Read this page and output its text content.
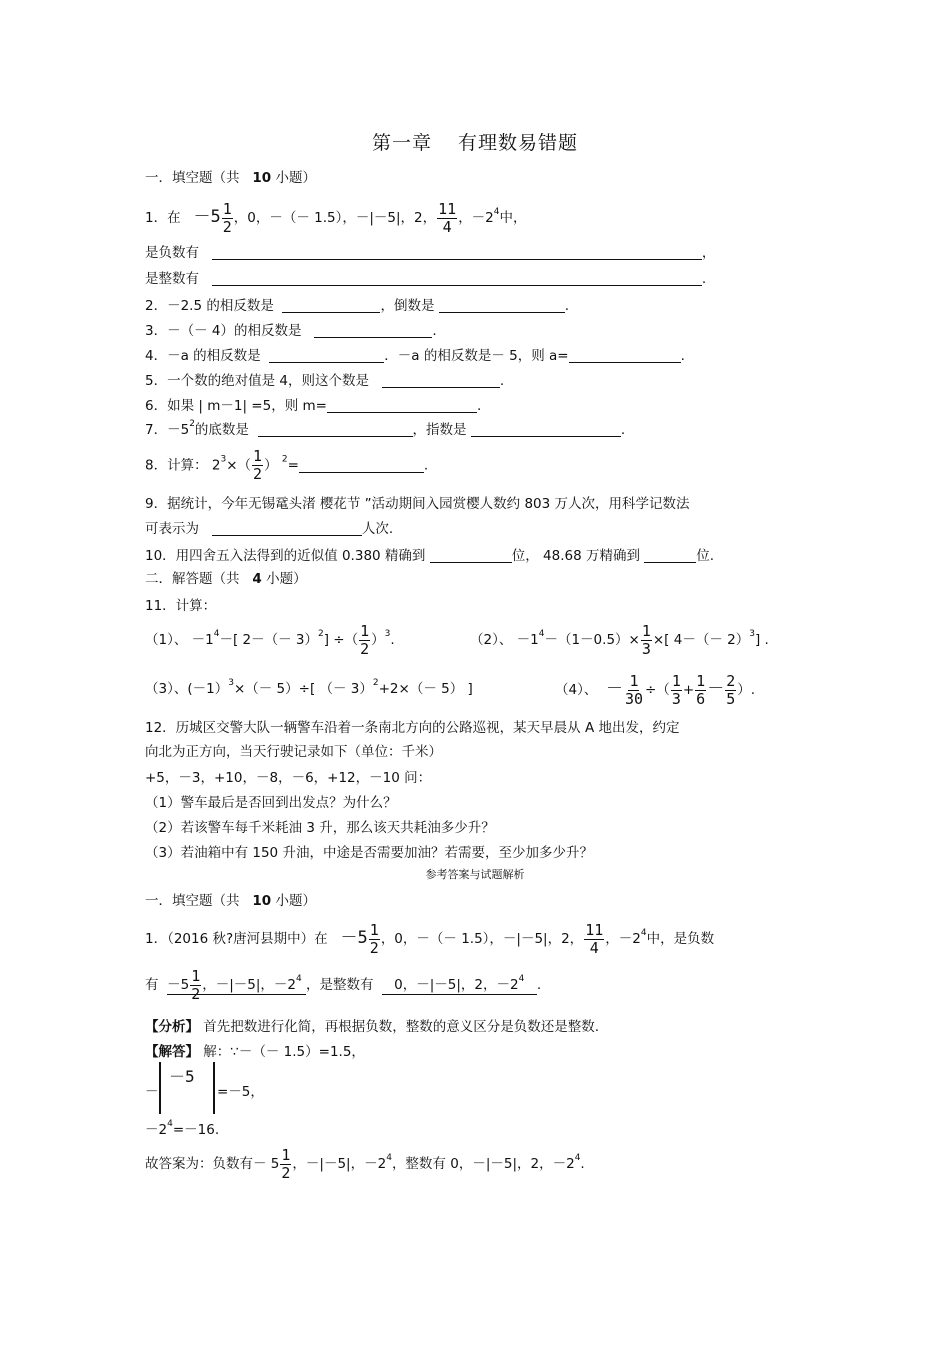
第一章 有理数易错题
一．填空题（共 10 小题）
1．在 $-5 \frac{1}{2}$ ，0，－（－ 1.5），－|－5|，2， $\frac{11}{4}$ ，$-2^4$中，
是负数有	，
是整数有	.
2．－2.5 的相反数是	，倒数是	.
3．－（－ 4）的相反数是	.
4．－a 的相反数是	．－a 的相反数是－ 5，则 a=	.
5．一个数的绝对值是 4，则这个数是	.
6．如果 | m－1| =5，则 m=	.
7．$-5^2$的底数是	，指数是	.
8．计算： $2^3\times( \frac{1}{2}$ ） $^2$=	.
9．据统计，今年无锡鼋头渚 樱花节 ”活动期间入园赏樱人数约 803 万人次，用科学记数法
可表示为	人次.
10．用四舍五入法得到的近似值 0.380 精确到	位， 48.68 万精确到	位.
二．解答题（共 4 小题）
11．计算：
（1）、 $-1^4-$[ $2-(- 3)^2$] ÷（ $\frac{1}{2} )^3$.	（2）、 $-1^4-(1-0.5)\times \frac{1}{3}$ ×[ $4-(- 2)^3$] .
（3）、(－1）$^3$×（－ 5）÷[ （－ 3）$^2$+2×（－ 5） ]	（4）、 － $\frac{1}{30}$ ÷（ $\frac{1}{3} + \frac{1}{6} - \frac{2}{5}$ ）.
12．历城区交警大队一辆警车沿着一条南北方向的公路巡视，某天早晨从 A 地出发，约定
向北为正方向，当天行驶记录如下（单位：千米）
+5，－3，+10，－8，－6，+12，－10 问：
（1）警车最后是否回到出发点？为什么？
（2）若该警车每千米耗油 3 升，那么该天共耗油多少升？
（3）若油箱中有 150 升油，中途是否需要加油？若需要，至少加多少升？
参考答案与试题解析
一．填空题（共 10 小题）
1．（2016 秋?唐河县期中）在 $-5 \frac{1}{2}$ ，0，－（－ 1.5），－|－5|，2， $\frac{11}{4}$ ，$-2^4$中，是负数
有 $-5 \frac{1}{2}$ ，－|－5|，$-2^4$ ，是整数有 0，－|－5|，2，$-2^4$ .
【分析】 首先把数进行化简，再根据负数，整数的意义区分是负数还是整数.
【解答】 解：∵－（－ 1.5）=1.5，
－
－5
=－5，
$-2^4=-16$.
故答案为：负数有－ $5 \frac{1}{2}$ ，－|－5|，$-2^4$，整数有 0，－|－5|，2，$-2^4$.
